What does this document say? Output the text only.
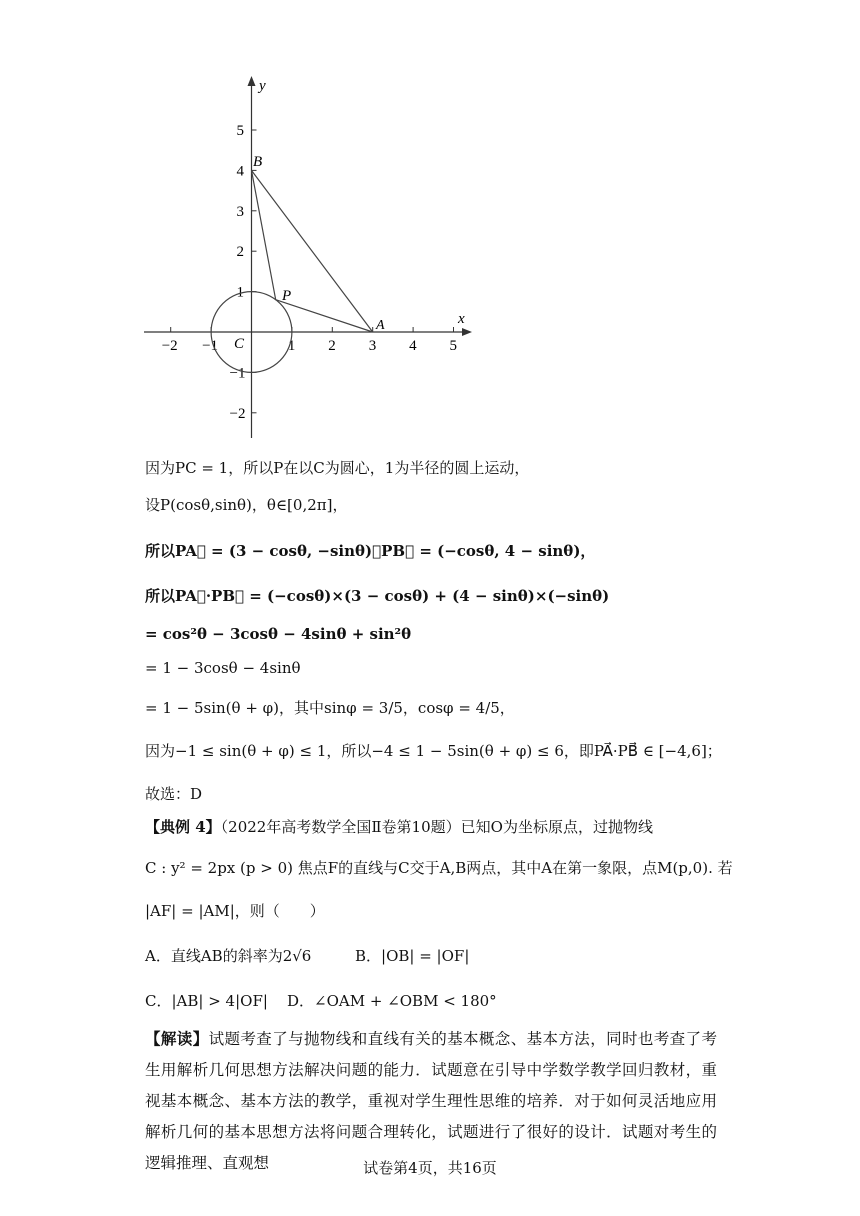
x
y
−2 −1	1 2 3 4 5
5
4
3
2
1
−1
−2
B
P
A
C
因为PC = 1，所以P在以C为圆心，1为半径的圆上运动，
设P(cosθ,sinθ)，θ∈[0,2π]，
所以PA⃗ = (3 − cosθ, −sinθ)，PB⃗ = (−cosθ, 4 − sinθ)，
所以PA⃗·PB⃗ = (−cosθ)×(3 − cosθ) + (4 − sinθ)×(−sinθ)
= cos²θ − 3cosθ − 4sinθ + sin²θ
= 1 − 3cosθ − 4sinθ
= 1 − 5sin(θ + φ)，其中sinφ = 3/5，cosφ = 4/5，
因为−1 ≤ sin(θ + φ) ≤ 1，所以−4 ≤ 1 − 5sin(θ + φ) ≤ 6，即PA⃗·PB⃗ ∈ [−4,6]；
故选：D
【典例 4】（2022年高考数学全国Ⅱ卷第10题）已知O为坐标原点，过抛物线
C : y² = 2px (p > 0) 焦点F的直线与C交于A,B两点，其中A在第一象限，点M(p,0). 若
|AF| = |AM|，则（　　）
A．直线AB的斜率为2√6	B．|OB| = |OF|
C．|AB| > 4|OF| D．∠OAM + ∠OBM < 180°
【解读】试题考查了与抛物线和直线有关的基本概念、基本方法，同时也考查了考生用解析几何思想方法解决问题的能力．试题意在引导中学数学教学回归教材，重视基本概念、基本方法的教学，重视对学生理性思维的培养．对于如何灵活地应用解析几何的基本思想方法将问题合理转化，试题进行了很好的设计．试题对考生的逻辑推理、直观想	试卷第4页，共16页
